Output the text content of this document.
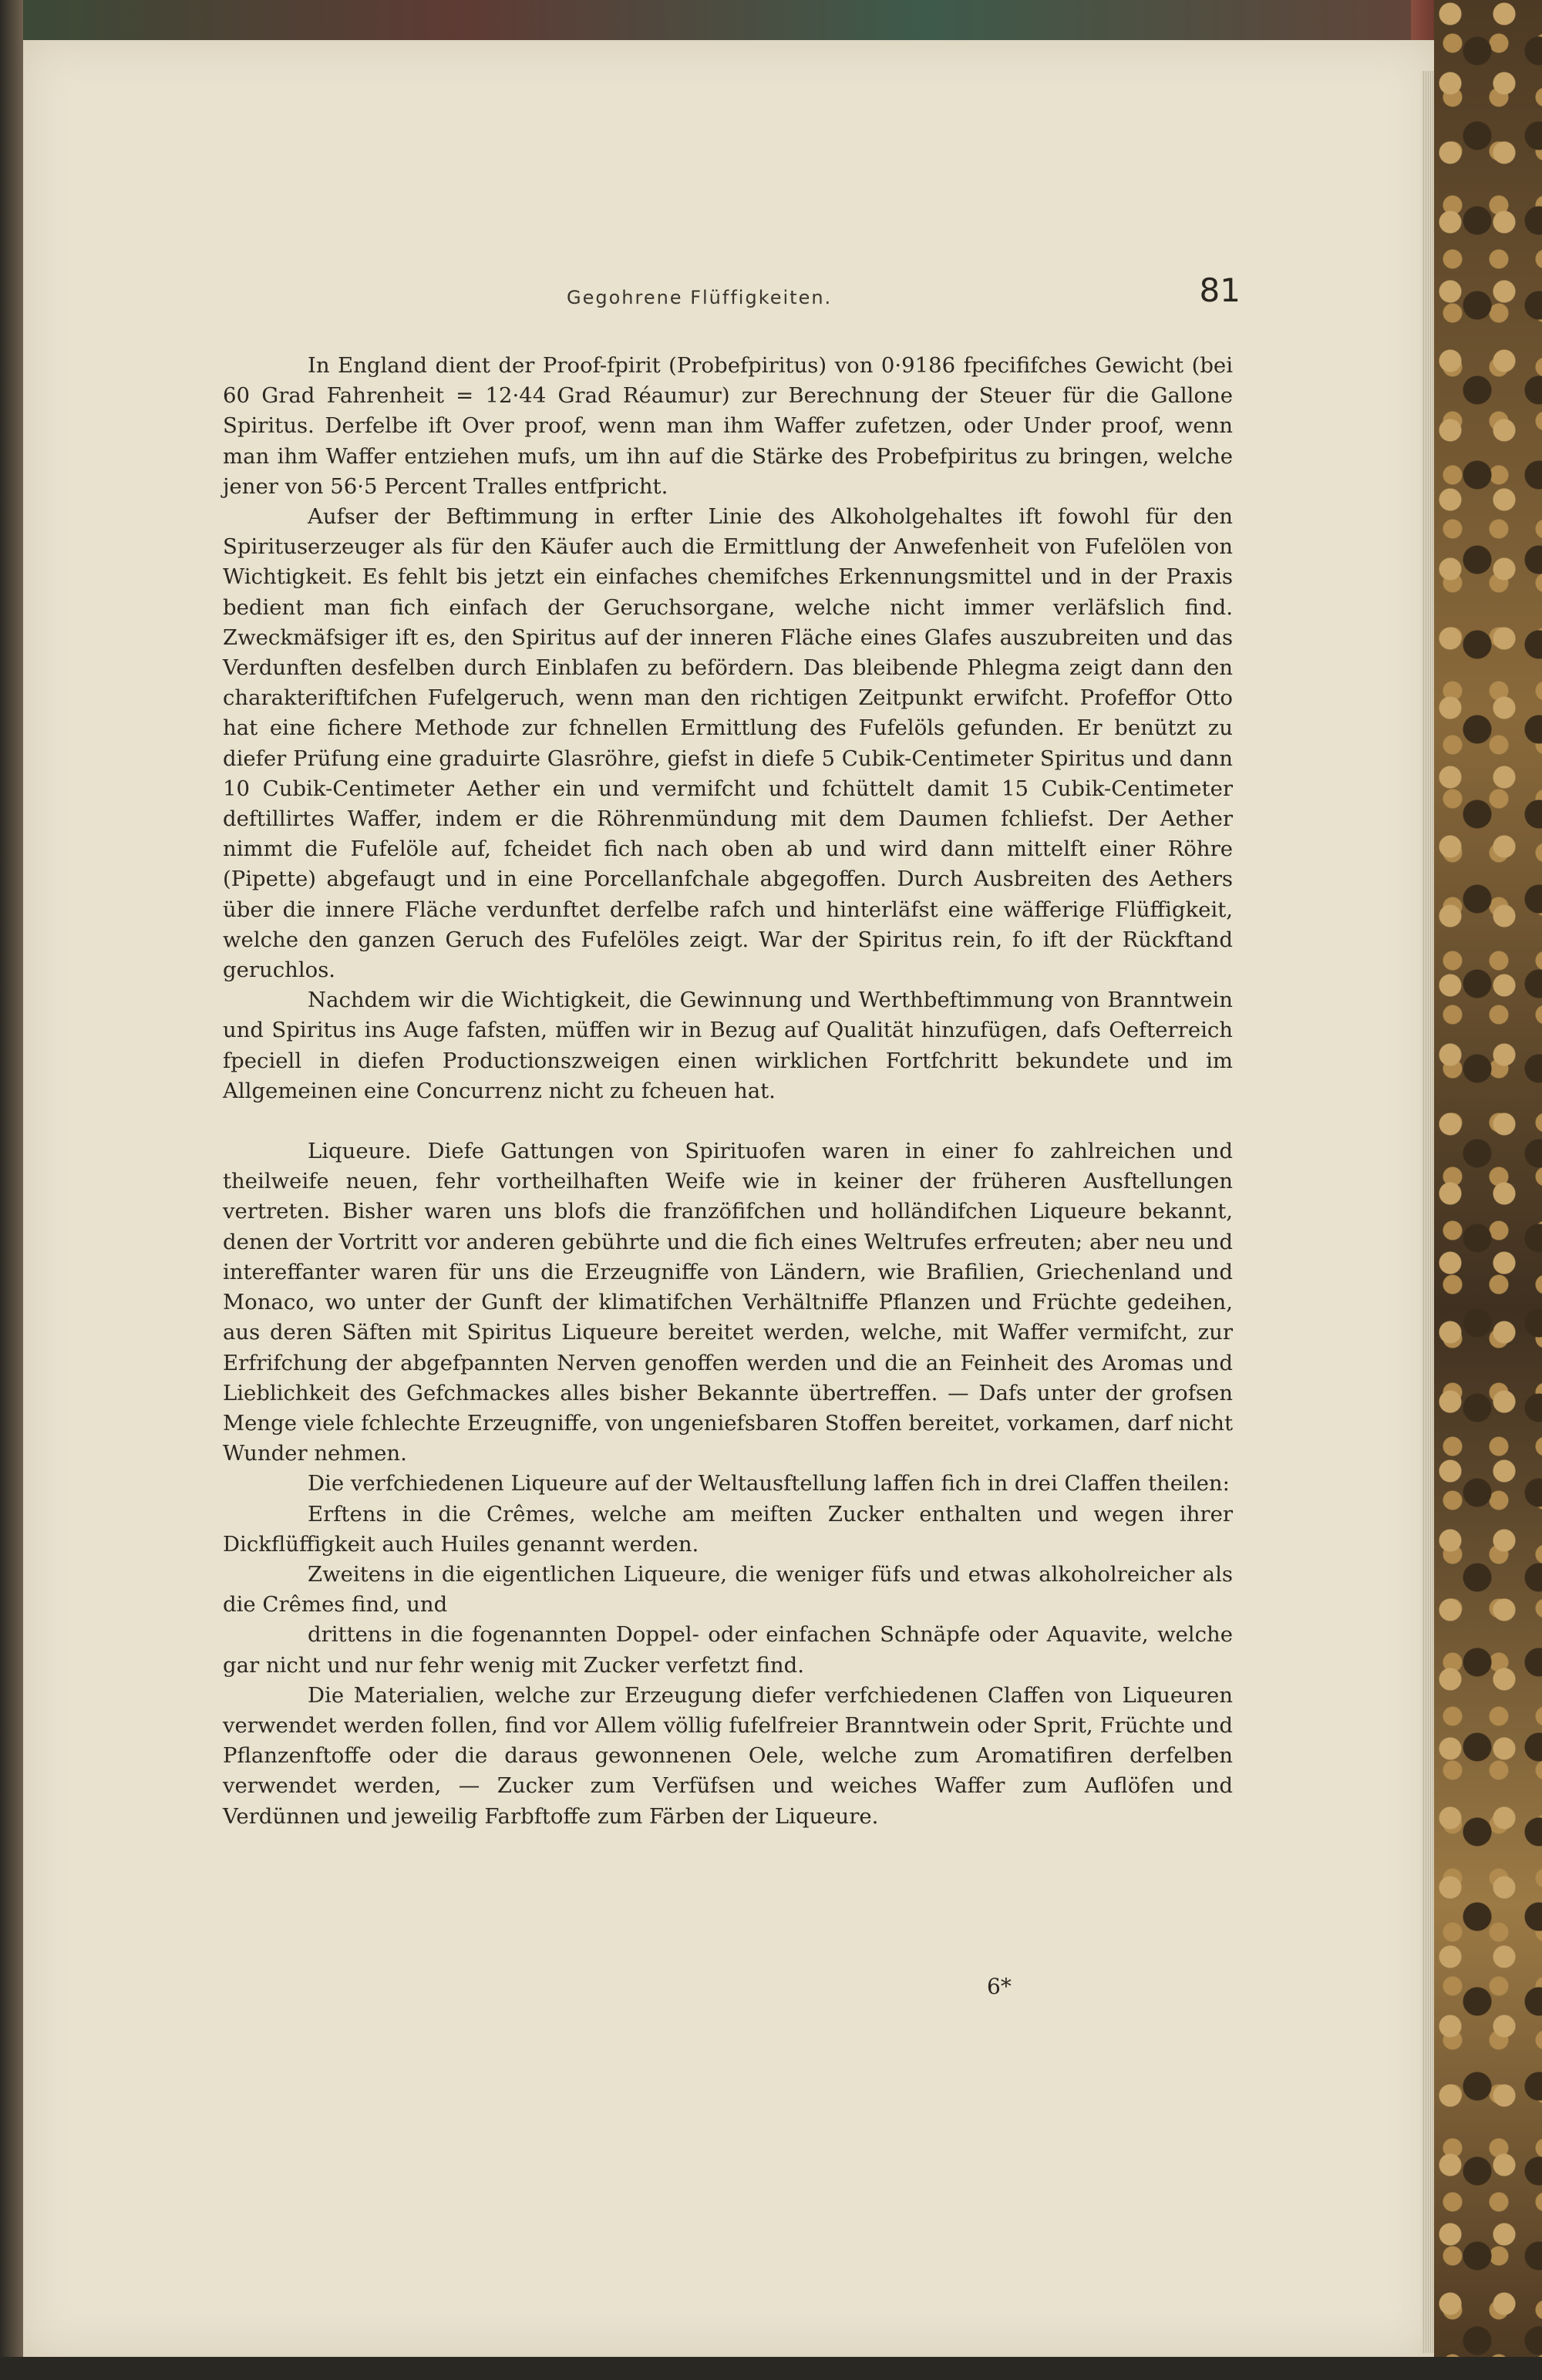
Gegohrene Flüffigkeiten.	81

In England dient der Proof-fpirit (Probefpiritus) von 0·9186 fpecififches Gewicht (bei 60 Grad Fahrenheit = 12·44 Grad Réaumur) zur Berechnung der Steuer für die Gallone Spiritus. Derfelbe ift Over proof, wenn man ihm Waffer zufetzen, oder Under proof, wenn man ihm Waffer entziehen mufs, um ihn auf die Stärke des Probefpiritus zu bringen, welche jener von 56·5 Percent Tralles entfpricht.

Aufser der Beftimmung in erfter Linie des Alkoholgehaltes ift fowohl für den Spirituserzeuger als für den Käufer auch die Ermittlung der Anwefenheit von Fufelölen von Wichtigkeit. Es fehlt bis jetzt ein einfaches chemifches Erkennungsmittel und in der Praxis bedient man fich einfach der Geruchsorgane, welche nicht immer verläfslich find. Zweckmäfsiger ift es, den Spiritus auf der inneren Fläche eines Glafes auszubreiten und das Verdunften desfelben durch Einblafen zu befördern. Das bleibende Phlegma zeigt dann den charakteriftifchen Fufelgeruch, wenn man den richtigen Zeitpunkt erwifcht. Profeffor Otto hat eine fichere Methode zur fchnellen Ermittlung des Fufelöls gefunden. Er benützt zu diefer Prüfung eine graduirte Glasröhre, giefst in diefe 5 Cubik-Centimeter Spiritus und dann 10 Cubik-Centimeter Aether ein und vermifcht und fchüttelt damit 15 Cubik-Centimeter deftillirtes Waffer, indem er die Röhrenmündung mit dem Daumen fchliefst. Der Aether nimmt die Fufelöle auf, fcheidet fich nach oben ab und wird dann mittelft einer Röhre (Pipette) abgefaugt und in eine Porcellanfchale abgegoffen. Durch Ausbreiten des Aethers über die innere Fläche verdunftet derfelbe rafch und hinterläfst eine wäfferige Flüffigkeit, welche den ganzen Geruch des Fufelöles zeigt. War der Spiritus rein, fo ift der Rückftand geruchlos.

Nachdem wir die Wichtigkeit, die Gewinnung und Werthbeftimmung von Branntwein und Spiritus ins Auge fafsten, müffen wir in Bezug auf Qualität hinzufügen, dafs Oefterreich fpeciell in diefen Productionszweigen einen wirklichen Fortfchritt bekundete und im Allgemeinen eine Concurrenz nicht zu fcheuen hat.

Liqueure. Diefe Gattungen von Spirituofen waren in einer fo zahlreichen und theilweife neuen, fehr vortheilhaften Weife wie in keiner der früheren Ausftellungen vertreten. Bisher waren uns blofs die franzöfifchen und holländifchen Liqueure bekannt, denen der Vortritt vor anderen gebührte und die fich eines Weltrufes erfreuten; aber neu und intereffanter waren für uns die Erzeugniffe von Ländern, wie Brafilien, Griechenland und Monaco, wo unter der Gunft der klimatifchen Verhältniffe Pflanzen und Früchte gedeihen, aus deren Säften mit Spiritus Liqueure bereitet werden, welche, mit Waffer vermifcht, zur Erfrifchung der abgefpannten Nerven genoffen werden und die an Feinheit des Aromas und Lieblichkeit des Gefchmackes alles bisher Bekannte übertreffen. — Dafs unter der grofsen Menge viele fchlechte Erzeugniffe, von ungeniefsbaren Stoffen bereitet, vorkamen, darf nicht Wunder nehmen.

Die verfchiedenen Liqueure auf der Weltausftellung laffen fich in drei Claffen theilen:

Erftens in die Crêmes, welche am meiften Zucker enthalten und wegen ihrer Dickflüffigkeit auch Huiles genannt werden.

Zweitens in die eigentlichen Liqueure, die weniger füfs und etwas alkoholreicher als die Crêmes find, und

drittens in die fogenannten Doppel- oder einfachen Schnäpfe oder Aquavite, welche gar nicht und nur fehr wenig mit Zucker verfetzt find.

Die Materialien, welche zur Erzeugung diefer verfchiedenen Claffen von Liqueuren verwendet werden follen, find vor Allem völlig fufelfreier Branntwein oder Sprit, Früchte und Pflanzenftoffe oder die daraus gewonnenen Oele, welche zum Aromatifiren derfelben verwendet werden, — Zucker zum Verfüfsen und weiches Waffer zum Auflöfen und Verdünnen und jeweilig Farbftoffe zum Färben der Liqueure.

6*
